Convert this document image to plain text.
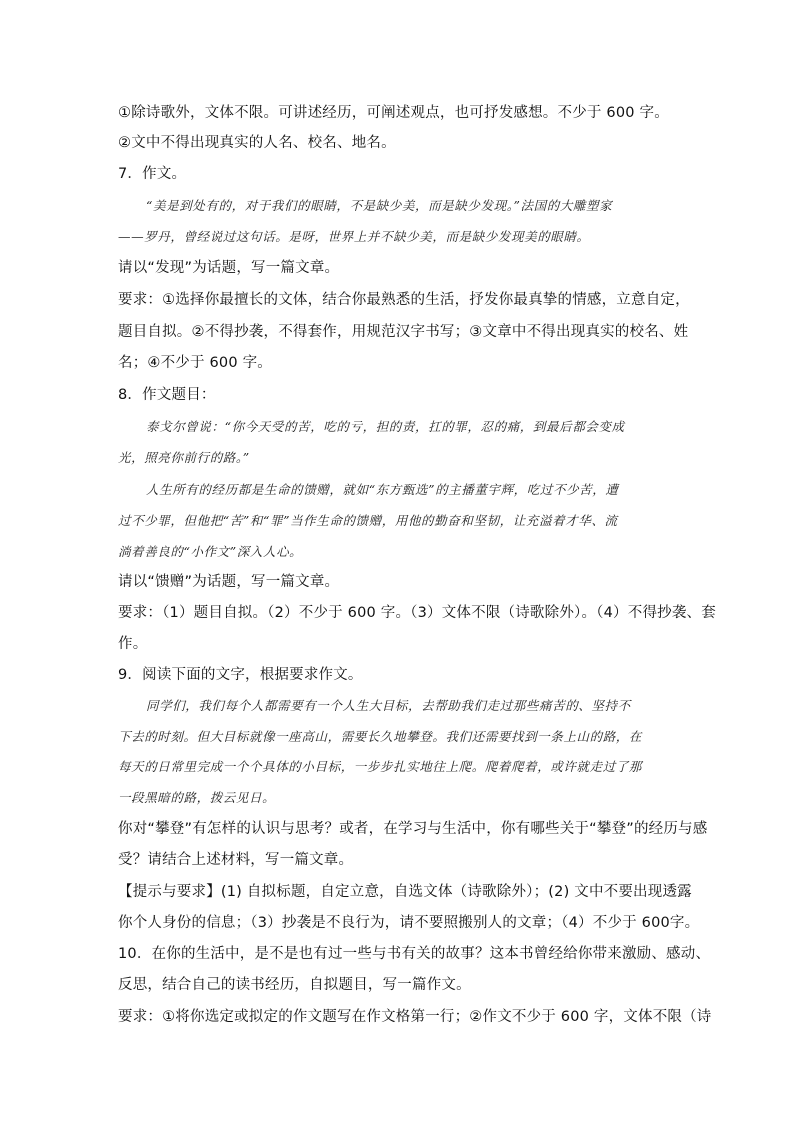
①除诗歌外，文体不限。可讲述经历，可阐述观点，也可抒发感想。不少于 600 字。
②文中不得出现真实的人名、校名、地名。
7．作文。
“美是到处有的，对于我们的眼睛，不是缺少美，而是缺少发现。”法国的大雕塑家
——罗丹，曾经说过这句话。是呀，世界上并不缺少美，而是缺少发现美的眼睛。
请以“发现”为话题，写一篇文章。
要求：①选择你最擅长的文体，结合你最熟悉的生活，抒发你最真挚的情感，立意自定，
题目自拟。②不得抄袭，不得套作，用规范汉字书写；③文章中不得出现真实的校名、姓
名；④不少于 600 字。
8．作文题目：
泰戈尔曾说：“你今天受的苦，吃的亏，担的责，扛的罪，忍的痛，到最后都会变成
光，照亮你前行的路。”
人生所有的经历都是生命的馈赠，就如“东方甄选”的主播董宇辉，吃过不少苦，遭
过不少罪，但他把“苦”和“罪”当作生命的馈赠，用他的勤奋和坚韧，让充溢着才华、流
淌着善良的“小作文”深入人心。
请以“馈赠”为话题，写一篇文章。
要求：（1）题目自拟。（2）不少于 600 字。（3）文体不限（诗歌除外）。（4）不得抄袭、套
作。
9．阅读下面的文字，根据要求作文。
同学们，我们每个人都需要有一个人生大目标，去帮助我们走过那些痛苦的、坚持不
下去的时刻。但大目标就像一座高山，需要长久地攀登。我们还需要找到一条上山的路，在
每天的日常里完成一个个具体的小目标，一步步扎实地往上爬。爬着爬着，或许就走过了那
一段黑暗的路，拨云见日。
你对“攀登”有怎样的认识与思考？或者，在学习与生活中，你有哪些关于“攀登”的经历与感
受？请结合上述材料，写一篇文章。
【提示与要求】(1) 自拟标题，自定立意，自选文体（诗歌除外）；(2) 文中不要出现透露
你个人身份的信息；（3）抄袭是不良行为，请不要照搬别人的文章；（4）不少于 600字。
10．在你的生活中，是不是也有过一些与书有关的故事？这本书曾经给你带来激励、感动、
反思，结合自己的读书经历，自拟题目，写一篇作文。
要求：①将你选定或拟定的作文题写在作文格第一行；②作文不少于 600 字，文体不限（诗
